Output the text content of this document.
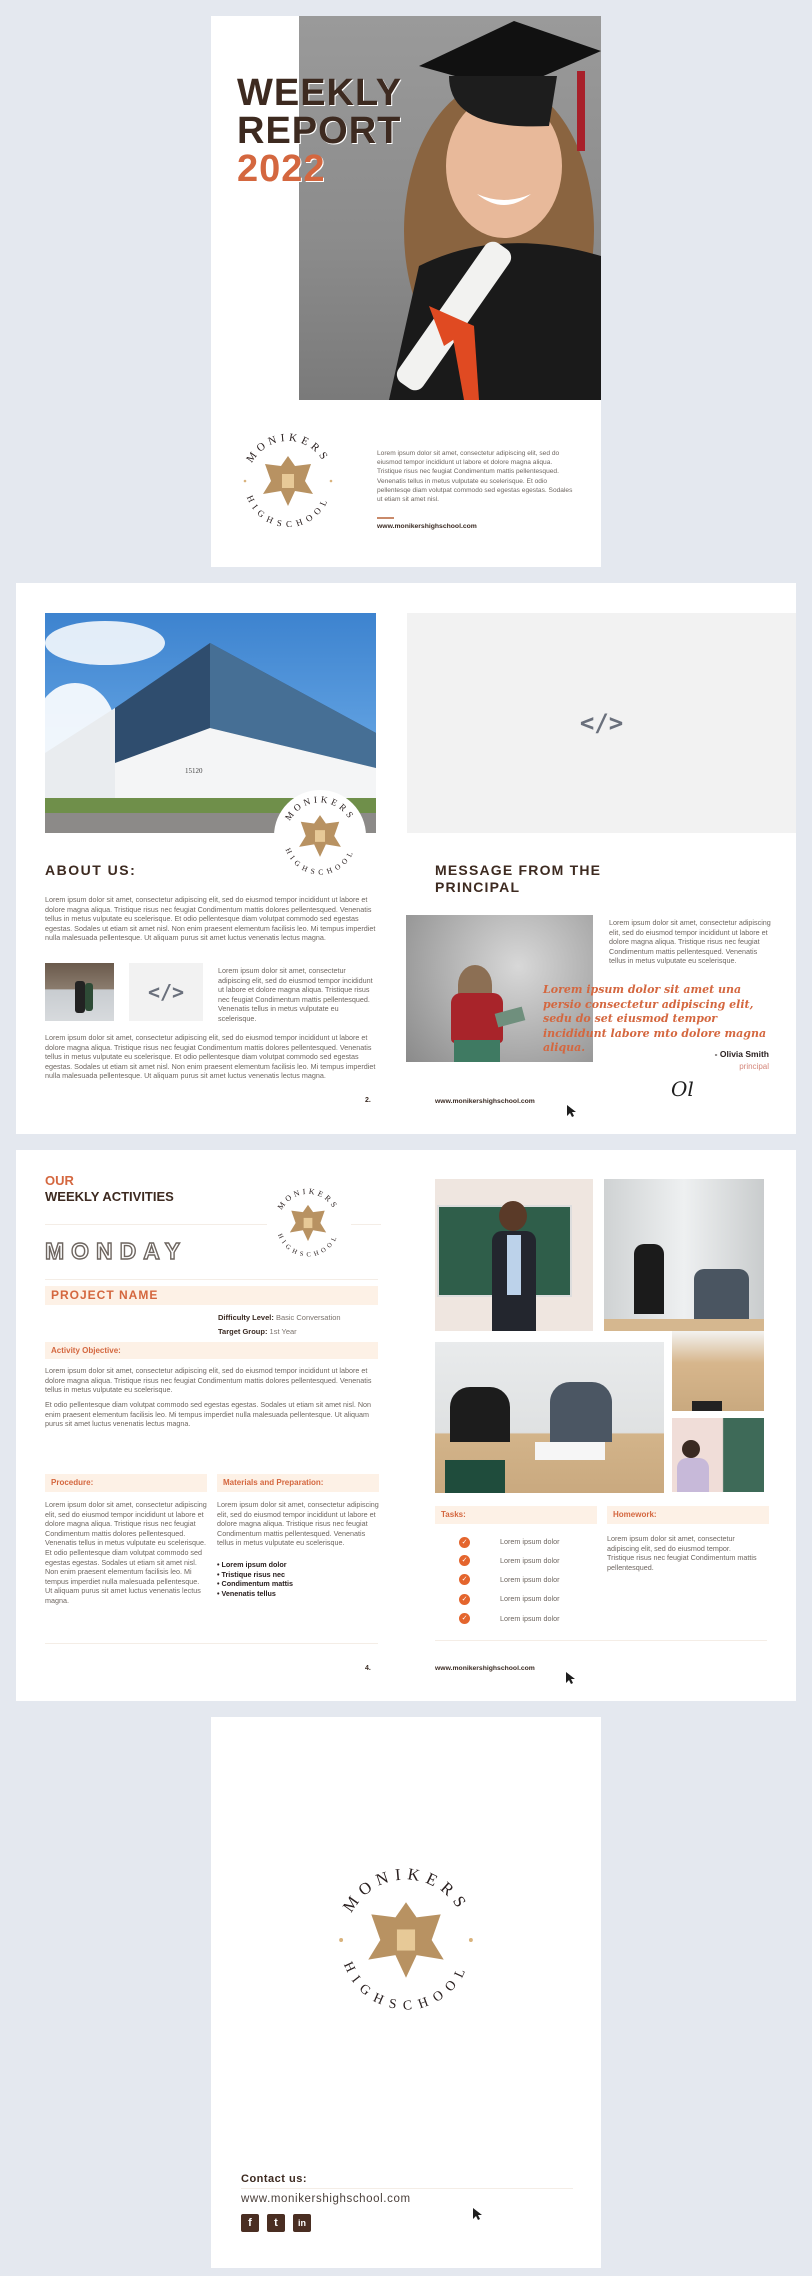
WEEKLY
REPORT
2022
MONIKERS
HIGHSCHOOL
Lorem ipsum dolor sit amet, consectetur adipiscing elit, sed do eiusmod tempor incididunt ut labore et dolore magna aliqua. Tristique risus nec feugiat Condimentum mattis pellentesqued. Venenatis tellus in metus vulputate eu scelerisque. Et odio pellentesqe diam volutpat commodo sed egestas egestas. Sodales ut etiam sit amet nisl.
www.monikershighschool.com
15120
MONIKERS
HIGHSCHOOL
ABOUT US:
Lorem ipsum dolor sit amet, consectetur adipiscing elit, sed do eiusmod tempor incididunt ut labore et dolore magna aliqua. Tristique risus nec feugiat Condimentum mattis dolores pellentesqued. Venenatis tellus in metus vulputate eu scelerisque. Et odio pellentesque diam volutpat commodo sed egestas egestas. Sodales ut etiam sit amet nisl. Non enim praesent elementum facilisis leo. Mi tempus imperdiet nulla malesuada pellentesque. Ut aliquam purus sit amet luctus venenatis lectus magna.
</>
Lorem ipsum dolor sit amet, consectetur adipiscing elit, sed do eiusmod tempor incididunt ut labore et dolore magna aliqua. Tristique risus nec feugiat Condimentum mattis pellentesqued. Venenatis tellus in metus vulputate eu scelerisque.
Lorem ipsum dolor sit amet, consectetur adipiscing elit, sed do eiusmod tempor incididunt ut labore et dolore magna aliqua. Tristique risus nec feugiat Condimentum mattis dolores pellentesqued. Venenatis tellus in metus vulputate eu scelerisque. Et odio pellentesque diam volutpat commodo sed egestas egestas. Sodales ut etiam sit amet nisl. Non enim praesent elementum facilisis leo. Mi tempus imperdiet nulla malesuada pellentesque. Ut aliquam purus sit amet luctus venenatis lectus magna.
2.
</>
MESSAGE FROM THE
PRINCIPAL
Lorem ipsum dolor sit amet, consectetur adipiscing elit, sed do eiusmod tempor incididunt ut labore et dolore magna aliqua. Tristique risus nec feugiat Condimentum mattis pellentesqued. Venenatis tellus in metus vulputate eu scelerisque.
Lorem ipsum dolor sit amet una persio consectetur adipiscing elit, sedu do set eiusmod tempor incididunt labore mto dolore magna aliqua.	- Olivia Smith
principal
Ol
www.monikershighschool.com
OUR
WEEKLY ACTIVITIES
MONIKERS
HIGHSCHOOL
MONDAY
PROJECT NAME
Difficulty Level: Basic Conversation
Target Group: 1st Year
Activity Objective:
Lorem ipsum dolor sit amet, consectetur adipiscing elit, sed do eiusmod tempor incididunt ut labore et dolore magna aliqua. Tristique risus nec feugiat Condimentum mattis dolores pellentesqued. Venenatis tellus in metus vulputate eu scelerisque.
Et odio pellentesque diam volutpat commodo sed egestas egestas. Sodales ut etiam sit amet nisl. Non enim praesent elementum facilisis leo. Mi tempus imperdiet nulla malesuada pellentesque. Ut aliquam purus sit amet luctus venenatis lectus magna.
Procedure:
Lorem ipsum dolor sit amet, consectetur adipiscing elit, sed do eiusmod tempor incididunt ut labore et dolore magna aliqua. Tristique risus nec feugiat Condimentum mattis dolores pellentesqued. Venenatis tellus in metus vulputate eu scelerisque. Et odio pellentesque diam volutpat commodo sed egestas egestas. Sodales ut etiam sit amet nisl. Non enim praesent elementum facilisis leo. Mi tempus imperdiet nulla malesuada pellentesque. Ut aliquam purus sit amet luctus venenatis lectus magna.
Materials and Preparation:
Lorem ipsum dolor sit amet, consectetur adipiscing elit, sed do eiusmod tempor incididunt ut labore et dolore magna aliqua. Tristique risus nec feugiat Condimentum mattis pellentesqued. Venenatis tellus in metus vulputate eu scelerisque.
• Lorem ipsum dolor
• Tristique risus nec
• Condimentum mattis
• Venenatis tellus
4.
Tasks:
✓	Lorem ipsum dolor
✓	Lorem ipsum dolor
✓	Lorem ipsum dolor
✓	Lorem ipsum dolor
✓	Lorem ipsum dolor
Homework:
Lorem ipsum dolor sit amet, consectetur adipiscing elit, sed do eiusmod tempor.
Tristique risus nec feugiat Condimentum mattis pellentesqued.
www.monikershighschool.com
MONIKERS
HIGHSCHOOL
Contact us:
www.monikershighschool.com
f	t	in
